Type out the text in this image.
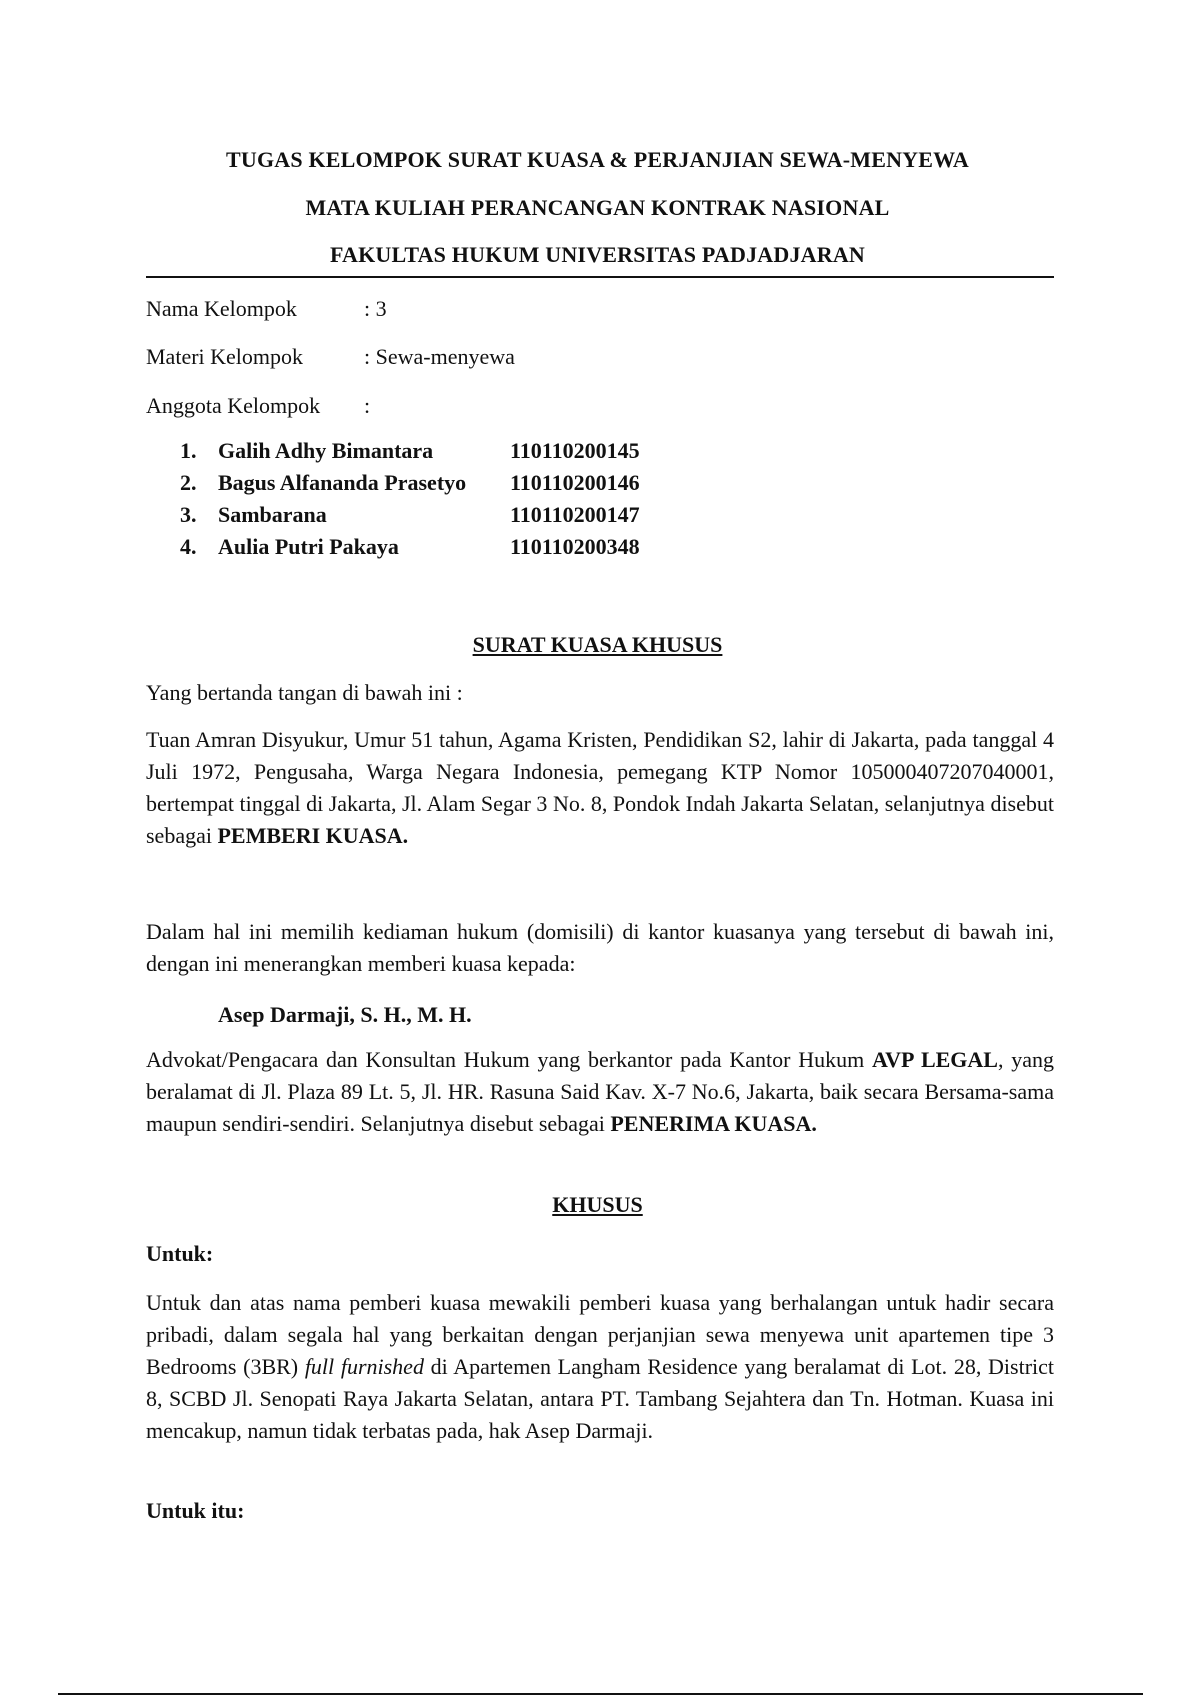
TUGAS KELOMPOK SURAT KUASA & PERJANJIAN SEWA-MENYEWA
MATA KULIAH PERANCANGAN KONTRAK NASIONAL
FAKULTAS HUKUM UNIVERSITAS PADJADJARAN
Nama Kelompok	: 3
Materi Kelompok	: Sewa-menyewa
Anggota Kelompok :
1. Galih Adhy Bimantara	110110200145
2. Bagus Alfananda Prasetyo 110110200146
3. Sambarana	110110200147
4. Aulia Putri Pakaya	110110200348
SURAT KUASA KHUSUS
Yang bertanda tangan di bawah ini :
Tuan Amran Disyukur, Umur 51 tahun, Agama Kristen, Pendidikan S2, lahir di Jakarta, pada tanggal 4 Juli 1972, Pengusaha, Warga Negara Indonesia, pemegang KTP Nomor 105000407207040001, bertempat tinggal di Jakarta, Jl. Alam Segar 3 No. 8, Pondok Indah Jakarta Selatan, selanjutnya disebut sebagai PEMBERI KUASA.
Dalam hal ini memilih kediaman hukum (domisili) di kantor kuasanya yang tersebut di bawah ini, dengan ini menerangkan memberi kuasa kepada:
Asep Darmaji, S. H., M. H.
Advokat/Pengacara dan Konsultan Hukum yang berkantor pada Kantor Hukum AVP LEGAL, yang beralamat di Jl. Plaza 89 Lt. 5, Jl. HR. Rasuna Said Kav. X-7 No.6, Jakarta, baik secara Bersama-sama maupun sendiri-sendiri. Selanjutnya disebut sebagai PENERIMA KUASA.
KHUSUS
Untuk:
Untuk dan atas nama pemberi kuasa mewakili pemberi kuasa yang berhalangan untuk hadir secara pribadi, dalam segala hal yang berkaitan dengan perjanjian sewa menyewa unit apartemen tipe 3 Bedrooms (3BR) full furnished di Apartemen Langham Residence yang beralamat di Lot. 28, District 8, SCBD Jl. Senopati Raya Jakarta Selatan, antara PT. Tambang Sejahtera dan Tn. Hotman. Kuasa ini mencakup, namun tidak terbatas pada, hak Asep Darmaji.
Untuk itu:
